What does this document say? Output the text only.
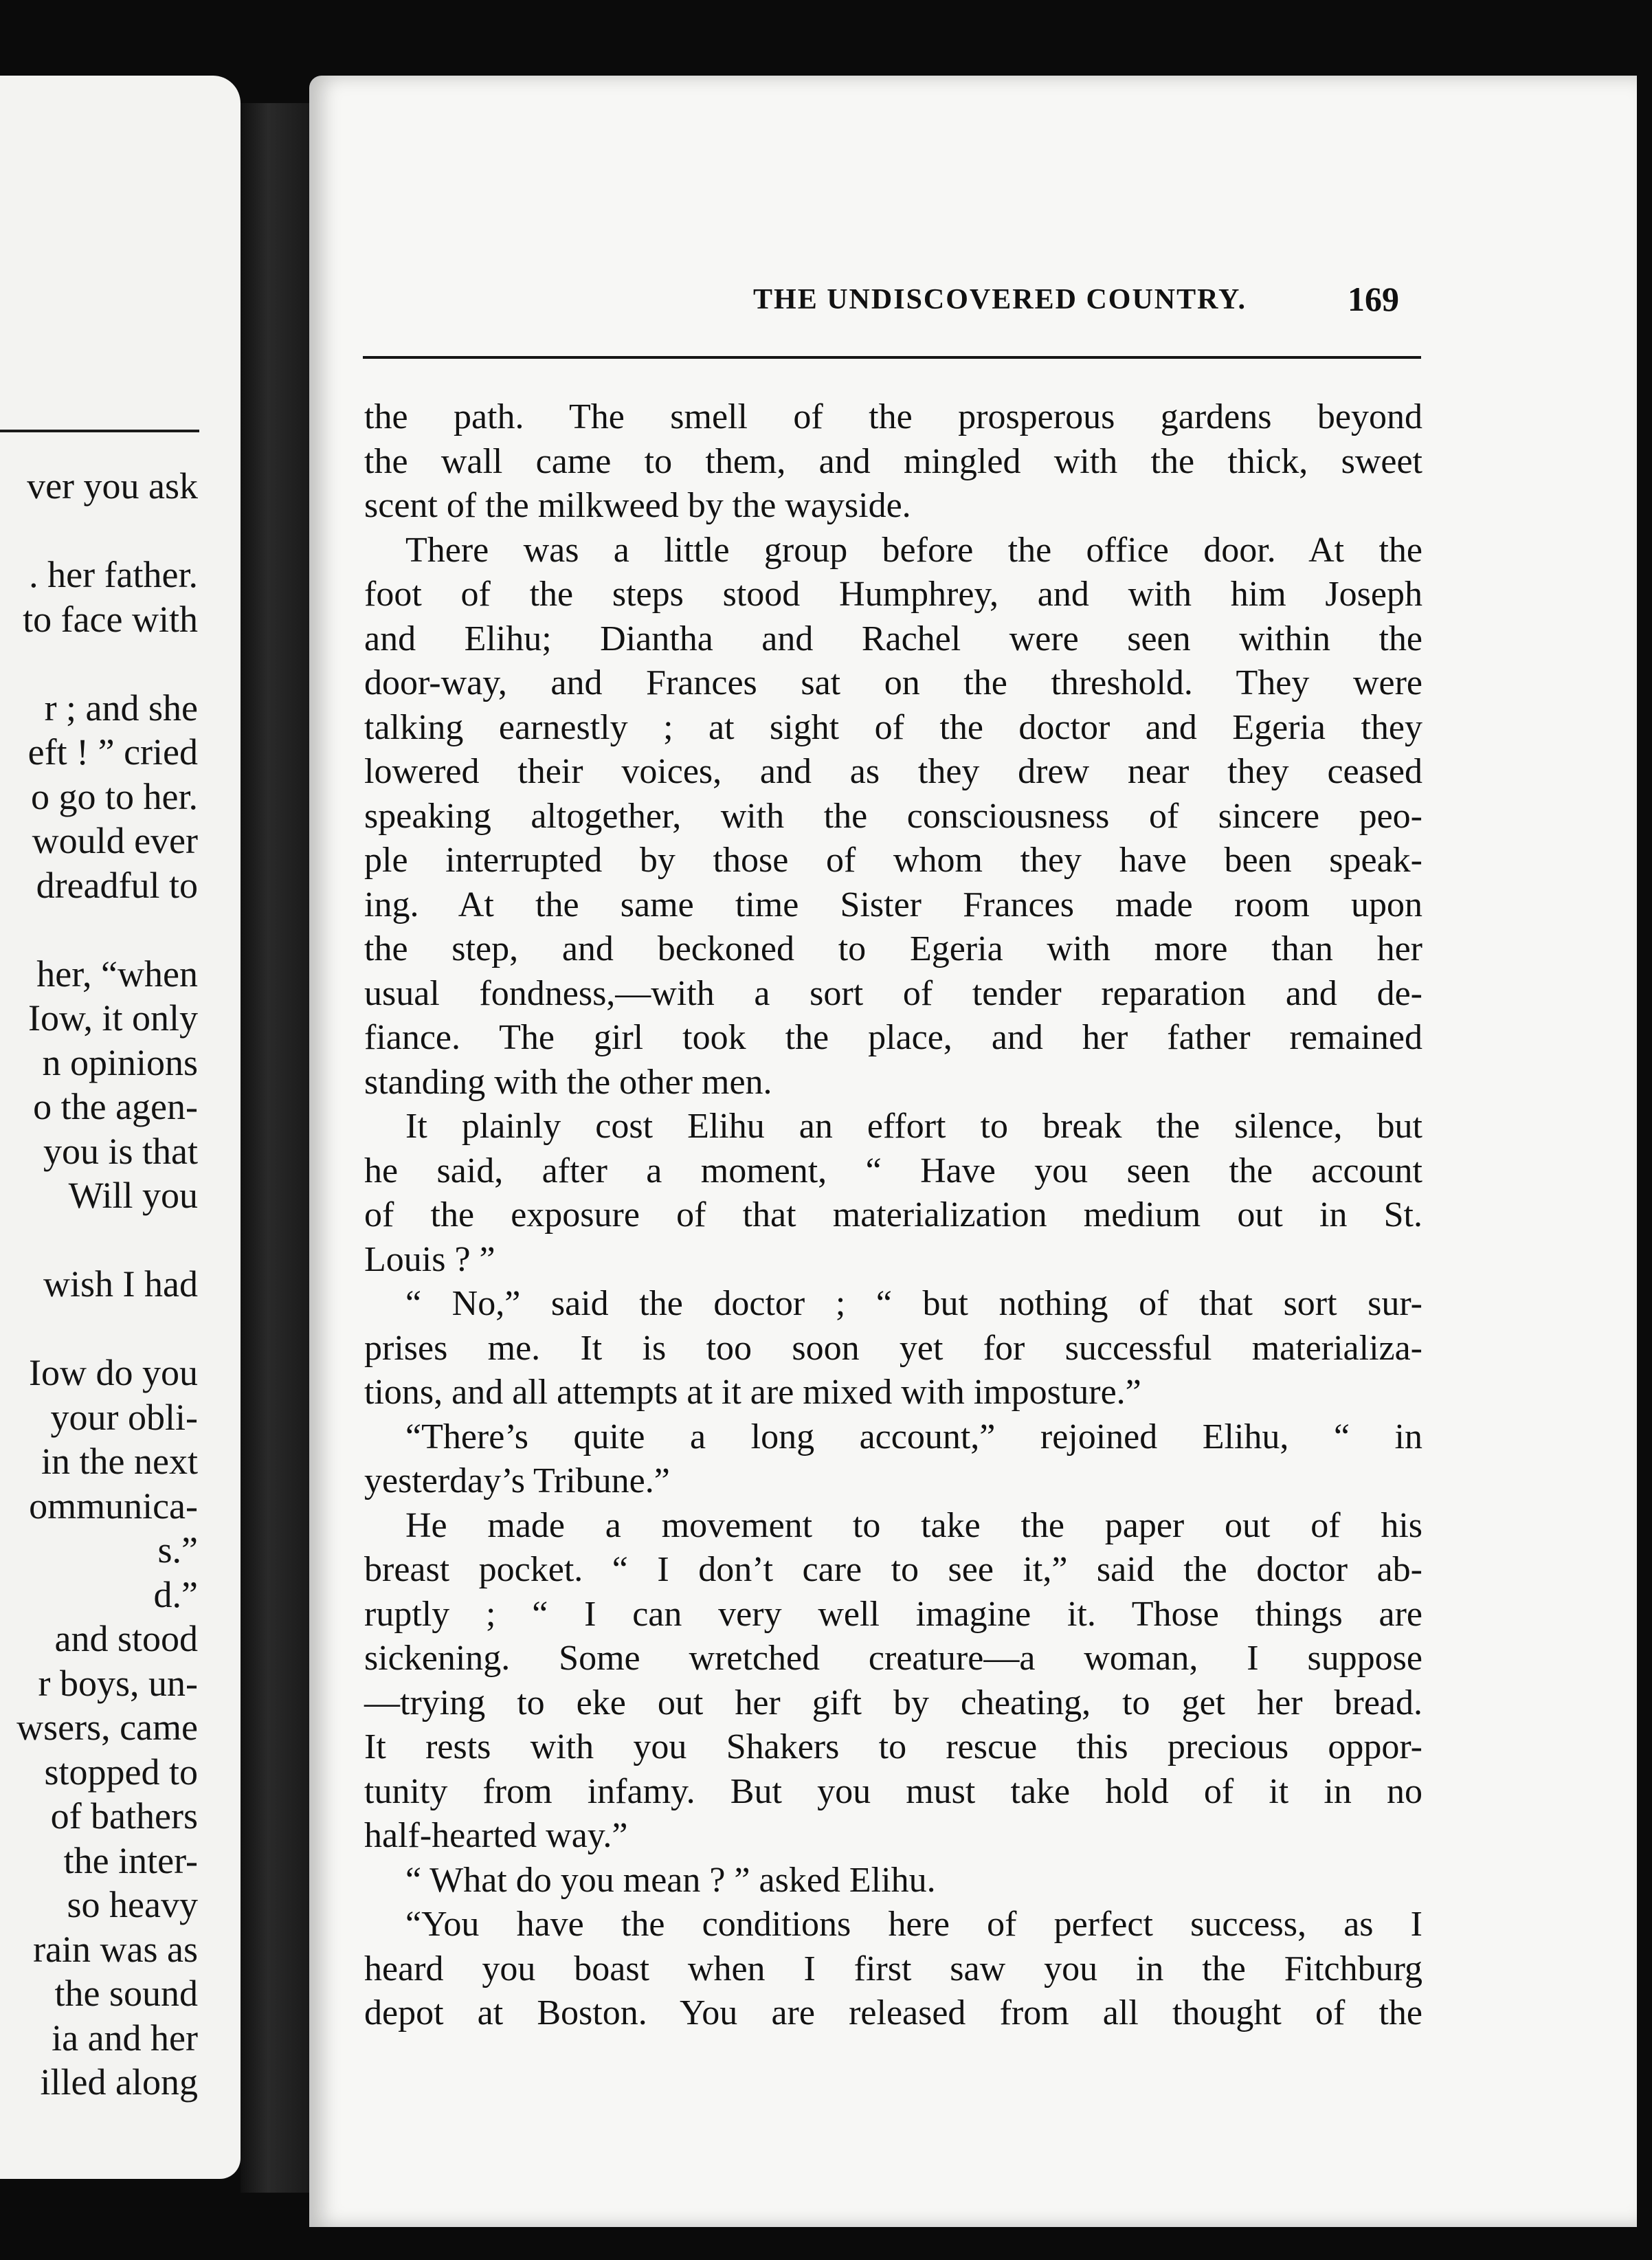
ver you ask
. her father.
to face with
r ; and she
eft ! ” cried
o go to her.
would ever
dreadful to
her, “when
Iow, it only
n opinions
o the agen-
you is that
Will you
wish I had
Iow do you
your obli-
in the next
ommunica-
s.”
d.”
and stood
r boys, un-
wsers, came
stopped to
of bathers
the inter-
so heavy
rain was as
the sound
ia and her
illed along
THE UNDISCOVERED COUNTRY.	169
the path. The smell of the prosperous gardens beyond
the wall came to them, and mingled with the thick, sweet
scent of the milkweed by the wayside.
There was a little group before the office door. At the
foot of the steps stood Humphrey, and with him Joseph
and Elihu; Diantha and Rachel were seen within the
door-way, and Frances sat on the threshold. They were
talking earnestly ; at sight of the doctor and Egeria they
lowered their voices, and as they drew near they ceased
speaking altogether, with the consciousness of sincere peo-
ple interrupted by those of whom they have been speak-
ing. At the same time Sister Frances made room upon
the step, and beckoned to Egeria with more than her
usual fondness,—with a sort of tender reparation and de-
fiance. The girl took the place, and her father remained
standing with the other men.
It plainly cost Elihu an effort to break the silence, but
he said, after a moment, “ Have you seen the account
of the exposure of that materialization medium out in St.
Louis ? ”
“ No,” said the doctor ; “ but nothing of that sort sur-
prises me. It is too soon yet for successful materializa-
tions, and all attempts at it are mixed with imposture.”
“There’s quite a long account,” rejoined Elihu, “ in
yesterday’s Tribune.”
He made a movement to take the paper out of his
breast pocket. “ I don’t care to see it,” said the doctor ab-
ruptly ; “ I can very well imagine it. Those things are
sickening. Some wretched creature—a woman, I suppose
—trying to eke out her gift by cheating, to get her bread.
It rests with you Shakers to rescue this precious oppor-
tunity from infamy. But you must take hold of it in no
half-hearted way.”
“ What do you mean ? ” asked Elihu.
“You have the conditions here of perfect success, as I
heard you boast when I first saw you in the Fitchburg
depot at Boston. You are released from all thought of the
